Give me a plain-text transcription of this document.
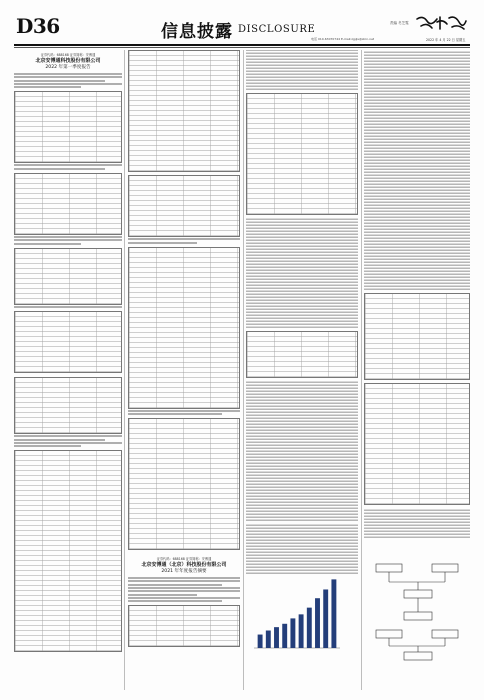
D36	信息披露 DISCLOSURE
责编 冬芝霆
电话 010-63070744 E-mail:zjgljs@stcn.net	2022 年 4 月 22 日 星期五
证券代码：688168 证券简称：安博通
北京安博通科技股份有限公司
2022 年第一季度报告
证券代码：688168 证券简称：安博通
北京安博通（北京）科技股份有限公司
2021 年年度报告摘要
